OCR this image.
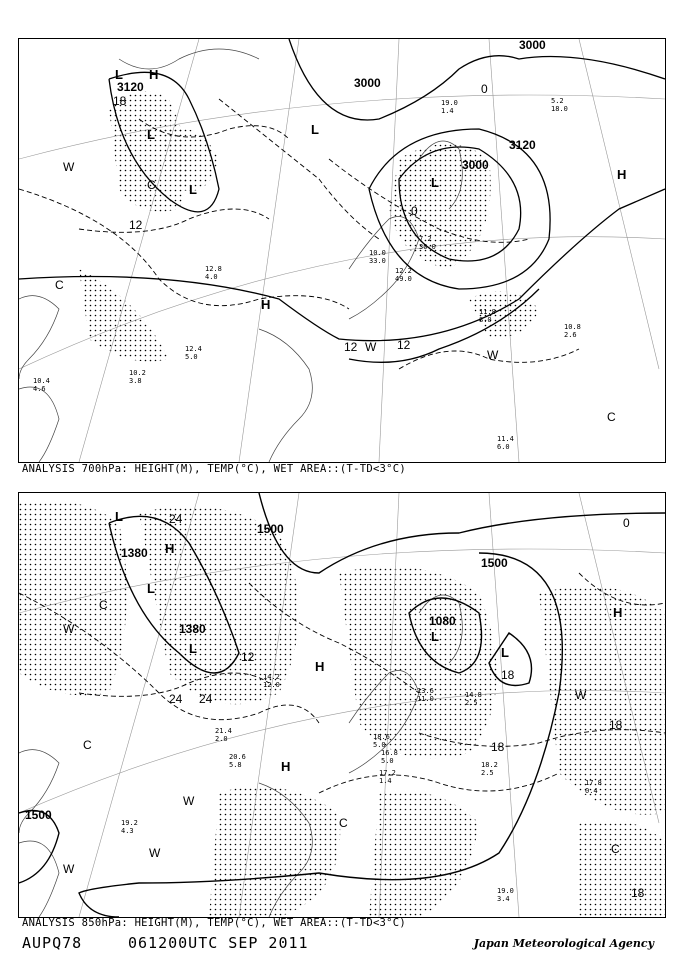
3000
3000
3000
3120
3120
12
12	12
0
0
18
H
H
H
L
L
L
L
L
W
W
W
C
C
C
19.0
1.4
5.2
18.0
10.0
33.0
12.2
49.0
7.2
30.0
11.8
8.0
10.8
2.6
11.4
6.0
12.4
5.0
10.4
4.6
10.2
3.8
12.8
4.0
ANALYSIS 700hPa: HEIGHT(M), TEMP(°C), WET AREA::(T-TD<3°C)
1500
1500
1500
1380
1380
1080
24
24 24
12
18
18
18
0
18
H
H
H
H
L
L
L
L
L
W
W
W
W
W
C
C
C
C
19.0
3.4
18.2
2.5
17.8
0.4
14.8
2.5
13.6
11.0
16.8
5.0
17.2
1.4
19.2
4.3
20.6
5.8
18.6
5.0
21.4
2.0
14.2
12.0
ANALYSIS 850hPa: HEIGHT(M), TEMP(°C), WET AREA::(T-TD<3°C)
AUPQ78	061200UTC SEP 2011	Japan Meteorological Agency
